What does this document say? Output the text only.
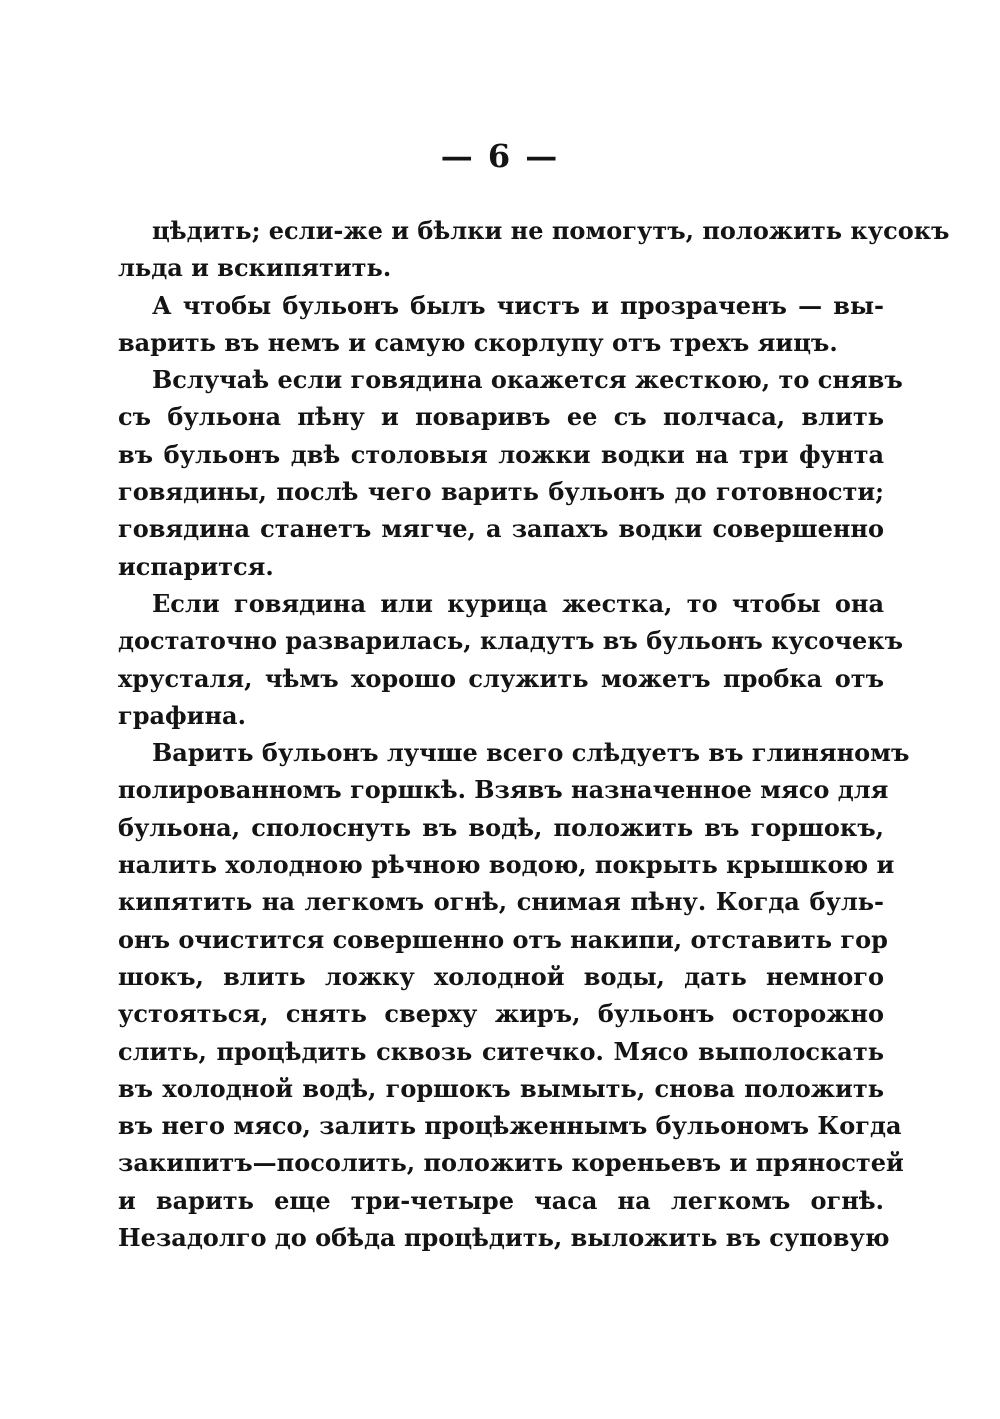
— 6 —
цѣдить; если-же и бѣлки не помогутъ, положить кусокъ
льда и вскипятить.
А чтобы бульонъ былъ чистъ и прозраченъ — вы-
варить въ немъ и самую скорлупу отъ трехъ яицъ.
Вслучаѣ если говядина окажется жесткою, то снявъ
съ бульона пѣну и поваривъ ее съ полчаса, влить
въ бульонъ двѣ столовыя ложки водки на три фунта
говядины, послѣ чего варить бульонъ до готовности;
говядина станетъ мягче, а запахъ водки совершенно
испарится.
Если говядина или курица жестка, то чтобы она
достаточно разварилась, кладутъ въ бульонъ кусочекъ
хрусталя, чѣмъ хорошо служить можетъ пробка отъ
графина.
Варить бульонъ лучше всего слѣдуетъ въ глиняномъ
полированномъ горшкѣ. Взявъ назначенное мясо для
бульона, сполоснуть въ водѣ, положить въ горшокъ,
налить холодною рѣчною водою, покрыть крышкою и
кипятить на легкомъ огнѣ, снимая пѣну. Когда буль-
онъ очистится совершенно отъ накипи, отставить гор
шокъ, влить ложку холодной воды, дать немного
устояться, снять сверху жиръ, бульонъ осторожно
слить, процѣдить сквозь ситечко. Мясо выполоскать
въ холодной водѣ, горшокъ вымыть, снова положить
въ него мясо, залить процѣженнымъ бульономъ Когда
закипитъ—посолить, положить кореньевъ и пряностей
и варить еще три-четыре часа на легкомъ огнѣ.
Незадолго до обѣда процѣдить, выложить въ суповую
